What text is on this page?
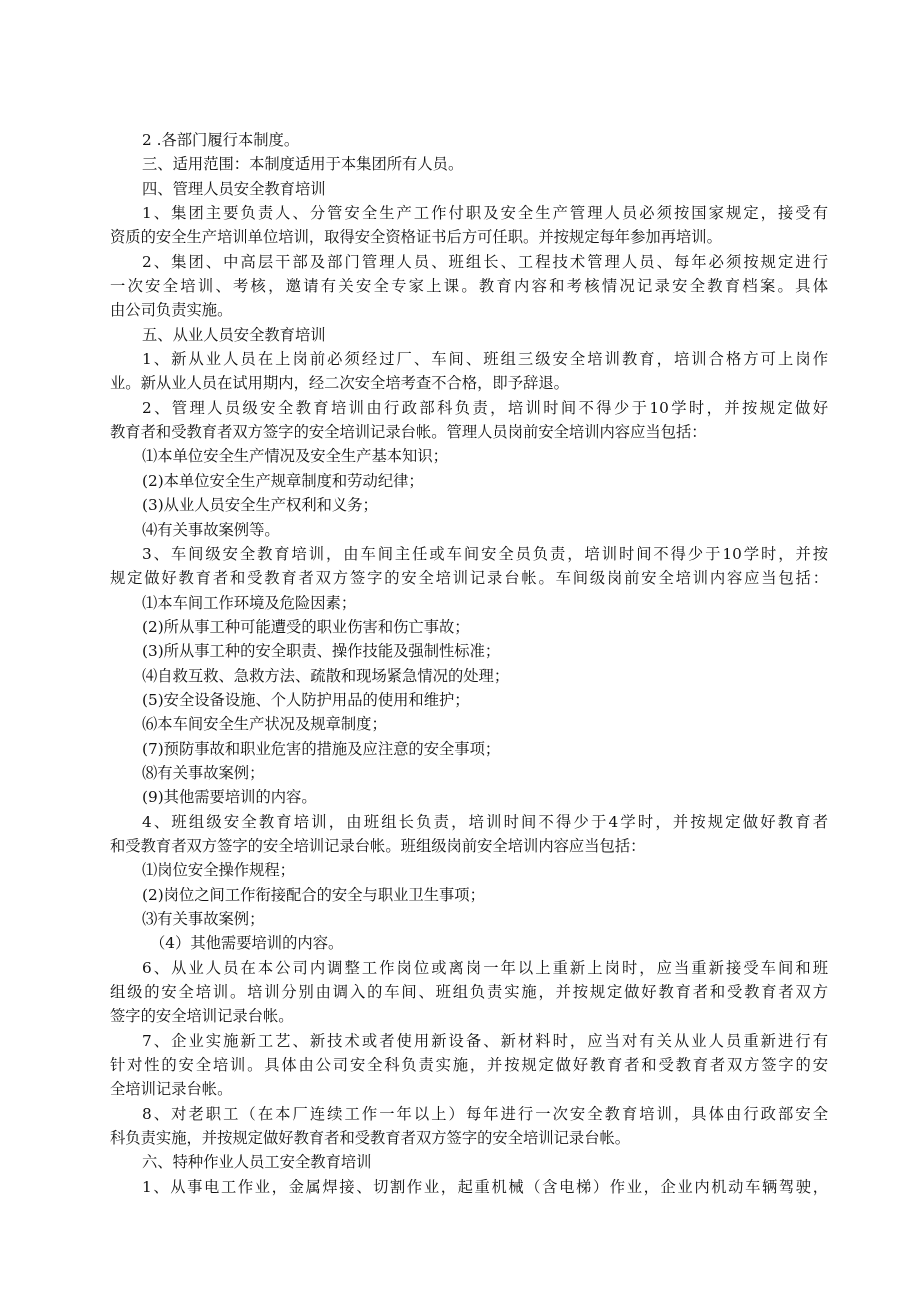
2 .各部门履行本制度。
三、适用范围：本制度适用于本集团所有人员。
四、管理人员安全教育培训
1、集团主要负责人、分管安全生产工作付职及安全生产管理人员必须按国家规定，接受有
资质的安全生产培训单位培训，取得安全资格证书后方可任职。并按规定每年参加再培训。
2、集团、中高层干部及部门管理人员、班组长、工程技术管理人员、每年必须按规定进行
一次安全培训、考核，邀请有关安全专家上课。教育内容和考核情况记录安全教育档案。具体
由公司负责实施。
五、从业人员安全教育培训
1、新从业人员在上岗前必须经过厂、车间、班组三级安全培训教育，培训合格方可上岗作
业。新从业人员在试用期内，经二次安全培考查不合格，即予辞退。
2、管理人员级安全教育培训由行政部科负责，培训时间不得少于10学时，并按规定做好
教育者和受教育者双方签字的安全培训记录台帐。管理人员岗前安全培训内容应当包括：
⑴本单位安全生产情况及安全生产基本知识；
(2)本单位安全生产规章制度和劳动纪律；
(3)从业人员安全生产权利和义务；
⑷有关事故案例等。
3、车间级安全教育培训，由车间主任或车间安全员负责，培训时间不得少于10学时，并按
规定做好教育者和受教育者双方签字的安全培训记录台帐。车间级岗前安全培训内容应当包括：
⑴本车间工作环境及危险因素；
(2)所从事工种可能遭受的职业伤害和伤亡事故；
(3)所从事工种的安全职责、操作技能及强制性标准；
⑷自救互救、急救方法、疏散和现场紧急情况的处理；
(5)安全设备设施、个人防护用品的使用和维护；
⑹本车间安全生产状况及规章制度；
(7)预防事故和职业危害的措施及应注意的安全事项；
⑻有关事故案例；
(9)其他需要培训的内容。
4、班组级安全教育培训，由班组长负责，培训时间不得少于4学时，并按规定做好教育者
和受教育者双方签字的安全培训记录台帐。班组级岗前安全培训内容应当包括：
⑴岗位安全操作规程；
(2)岗位之间工作衔接配合的安全与职业卫生事项；
⑶有关事故案例；
（4）其他需要培训的内容。
6、从业人员在本公司内调整工作岗位或离岗一年以上重新上岗时，应当重新接受车间和班
组级的安全培训。培训分别由调入的车间、班组负责实施，并按规定做好教育者和受教育者双方
签字的安全培训记录台帐。
7、企业实施新工艺、新技术或者使用新设备、新材料时，应当对有关从业人员重新进行有
针对性的安全培训。具体由公司安全科负责实施，并按规定做好教育者和受教育者双方签字的安
全培训记录台帐。
8、对老职工（在本厂连续工作一年以上）每年进行一次安全教育培训，具体由行政部安全
科负责实施，并按规定做好教育者和受教育者双方签字的安全培训记录台帐。
六、特种作业人员工安全教育培训
1、从事电工作业，金属焊接、切割作业，起重机械（含电梯）作业，企业内机动车辆驾驶，
